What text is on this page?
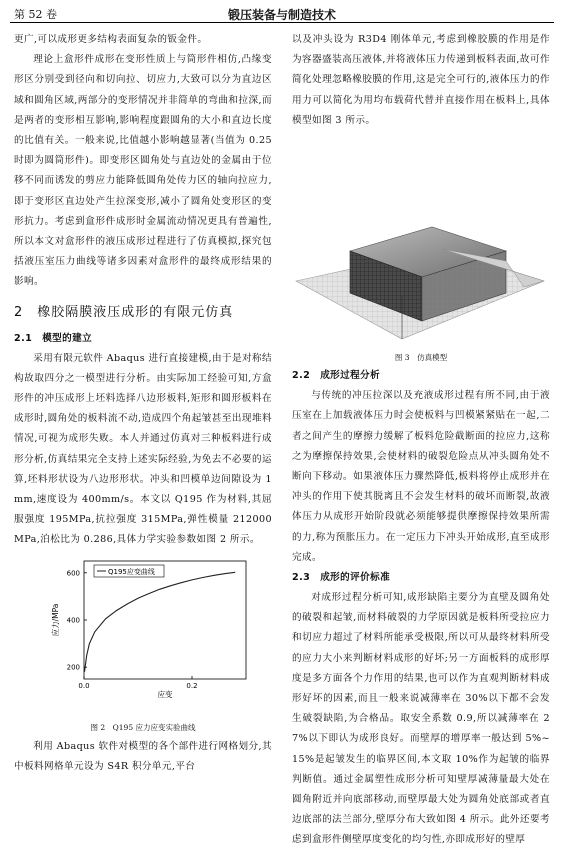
第 52 卷	锻压装备与制造技术
更广,可以成形更多结构表面复杂的钣金件。
理论上盒形件成形在变形性质上与筒形件相仿,凸缘变形区分别受到径向和切向拉、切应力,大致可以分为直边区域和圆角区域,两部分的变形情况并非简单的弯曲和拉深,而是两者的变形相互影响,影响程度跟圆角的大小和直边长度的比值有关。一般来说,比值越小影响越显著(当值为 0.25 时即为圆筒形件)。即变形区圆角处与直边处的金属由于位移不同而诱发的剪应力能降低圆角处传力区的轴向拉应力,即于变形区直边处产生拉深变形,减小了圆角处变形区的变形抗力。考虑到盒形件成形时金属流动情况更具有普遍性,所以本文对盒形件的液压成形过程进行了仿真模拟,探究包括液压室压力曲线等诸多因素对盒形件的最终成形结果的影响。
2　橡胶隔膜液压成形的有限元仿真
2.1　模型的建立
采用有限元软件 Abaqus 进行直接建模,由于是对称结构故取四分之一模型进行分析。由实际加工经验可知,方盒形件的冲压成形上坯料选择八边形板料,矩形和圆形板料在成形时,圆角处的板料流不动,造成四个角起皱甚至出现堆料情况,可视为成形失败。本人并通过仿真对三种板料进行成形分析,仿真结果完全支持上述实际经验,为免去不必要的运算,坯料形状设为八边形形状。冲头和凹模单边间隙设为 1mm,速度设为 400mm/s。本文以 Q195 作为材料,其屈服强度 195MPa,抗拉强度 315MPa,弹性模量 212000MPa,泊松比为 0.286,具体力学实验参数如图 2 所示。
200
400
600
0.0	0.2
应变
应力/MPa
Q195应变曲线
图 2　Q195 应力应变实验曲线
利用 Abaqus 软件对模型的各个部件进行网格划分,其中板料网格单元设为 S4R 积分单元,平台
以及冲头设为 R3D4 刚体单元,考虑到橡胶膜的作用是作为容器盛装高压液体,并将液体压力传递到板料表面,故可作简化处理忽略橡胶膜的作用,这是完全可行的,液体压力的作用力可以简化为用均布载荷代替并直接作用在板料上,具体模型如图 3 所示。
图 3　仿真模型
2.2　成形过程分析
与传统的冲压拉深以及充液成形过程有所不同,由于液压室在上加载液体压力时会使板料与凹模紧紧贴在一起,二者之间产生的摩擦力缓解了板料危险截断面的拉应力,这称之为摩擦保持效果,会使材料的破裂危险点从冲头圆角处不断向下移动。如果液体压力骤然降低,板料将停止成形并在冲头的作用下使其脱离且不会发生材料的破坏而断裂,故液体压力从成形开始阶段就必须能够提供摩擦保持效果所需的力,称为预胀压力。在一定压力下冲头开始成形,直至成形完成。
2.3　成形的评价标准
对成形过程分析可知,成形缺陷主要分为直壁及圆角处的破裂和起皱,而材料破裂的力学原因就是板料所受拉应力和切应力超过了材料所能承受极限,所以可从最终材料所受的应力大小来判断材料成形的好坏;另一方面板料的成形厚度是多方面各个力作用的结果,也可以作为直观判断材料成形好坏的因素,而且一般来说减薄率在 30%以下都不会发生破裂缺陷,为合格品。取安全系数 0.9,所以减薄率在 27%以下即认为成形良好。而壁厚的增厚率一般达到 5%~15%是起皱发生的临界区间,本文取 10%作为起皱的临界判断值。通过金属塑性成形分析可知壁厚减薄量最大处在圆角附近并向底部移动,而壁厚最大处为圆角处底部或者直边底部的法兰部分,壁厚分布大致如图 4 所示。此外还要考虑到盒形件侧壁厚度变化的均匀性,亦即成形好的壁厚
